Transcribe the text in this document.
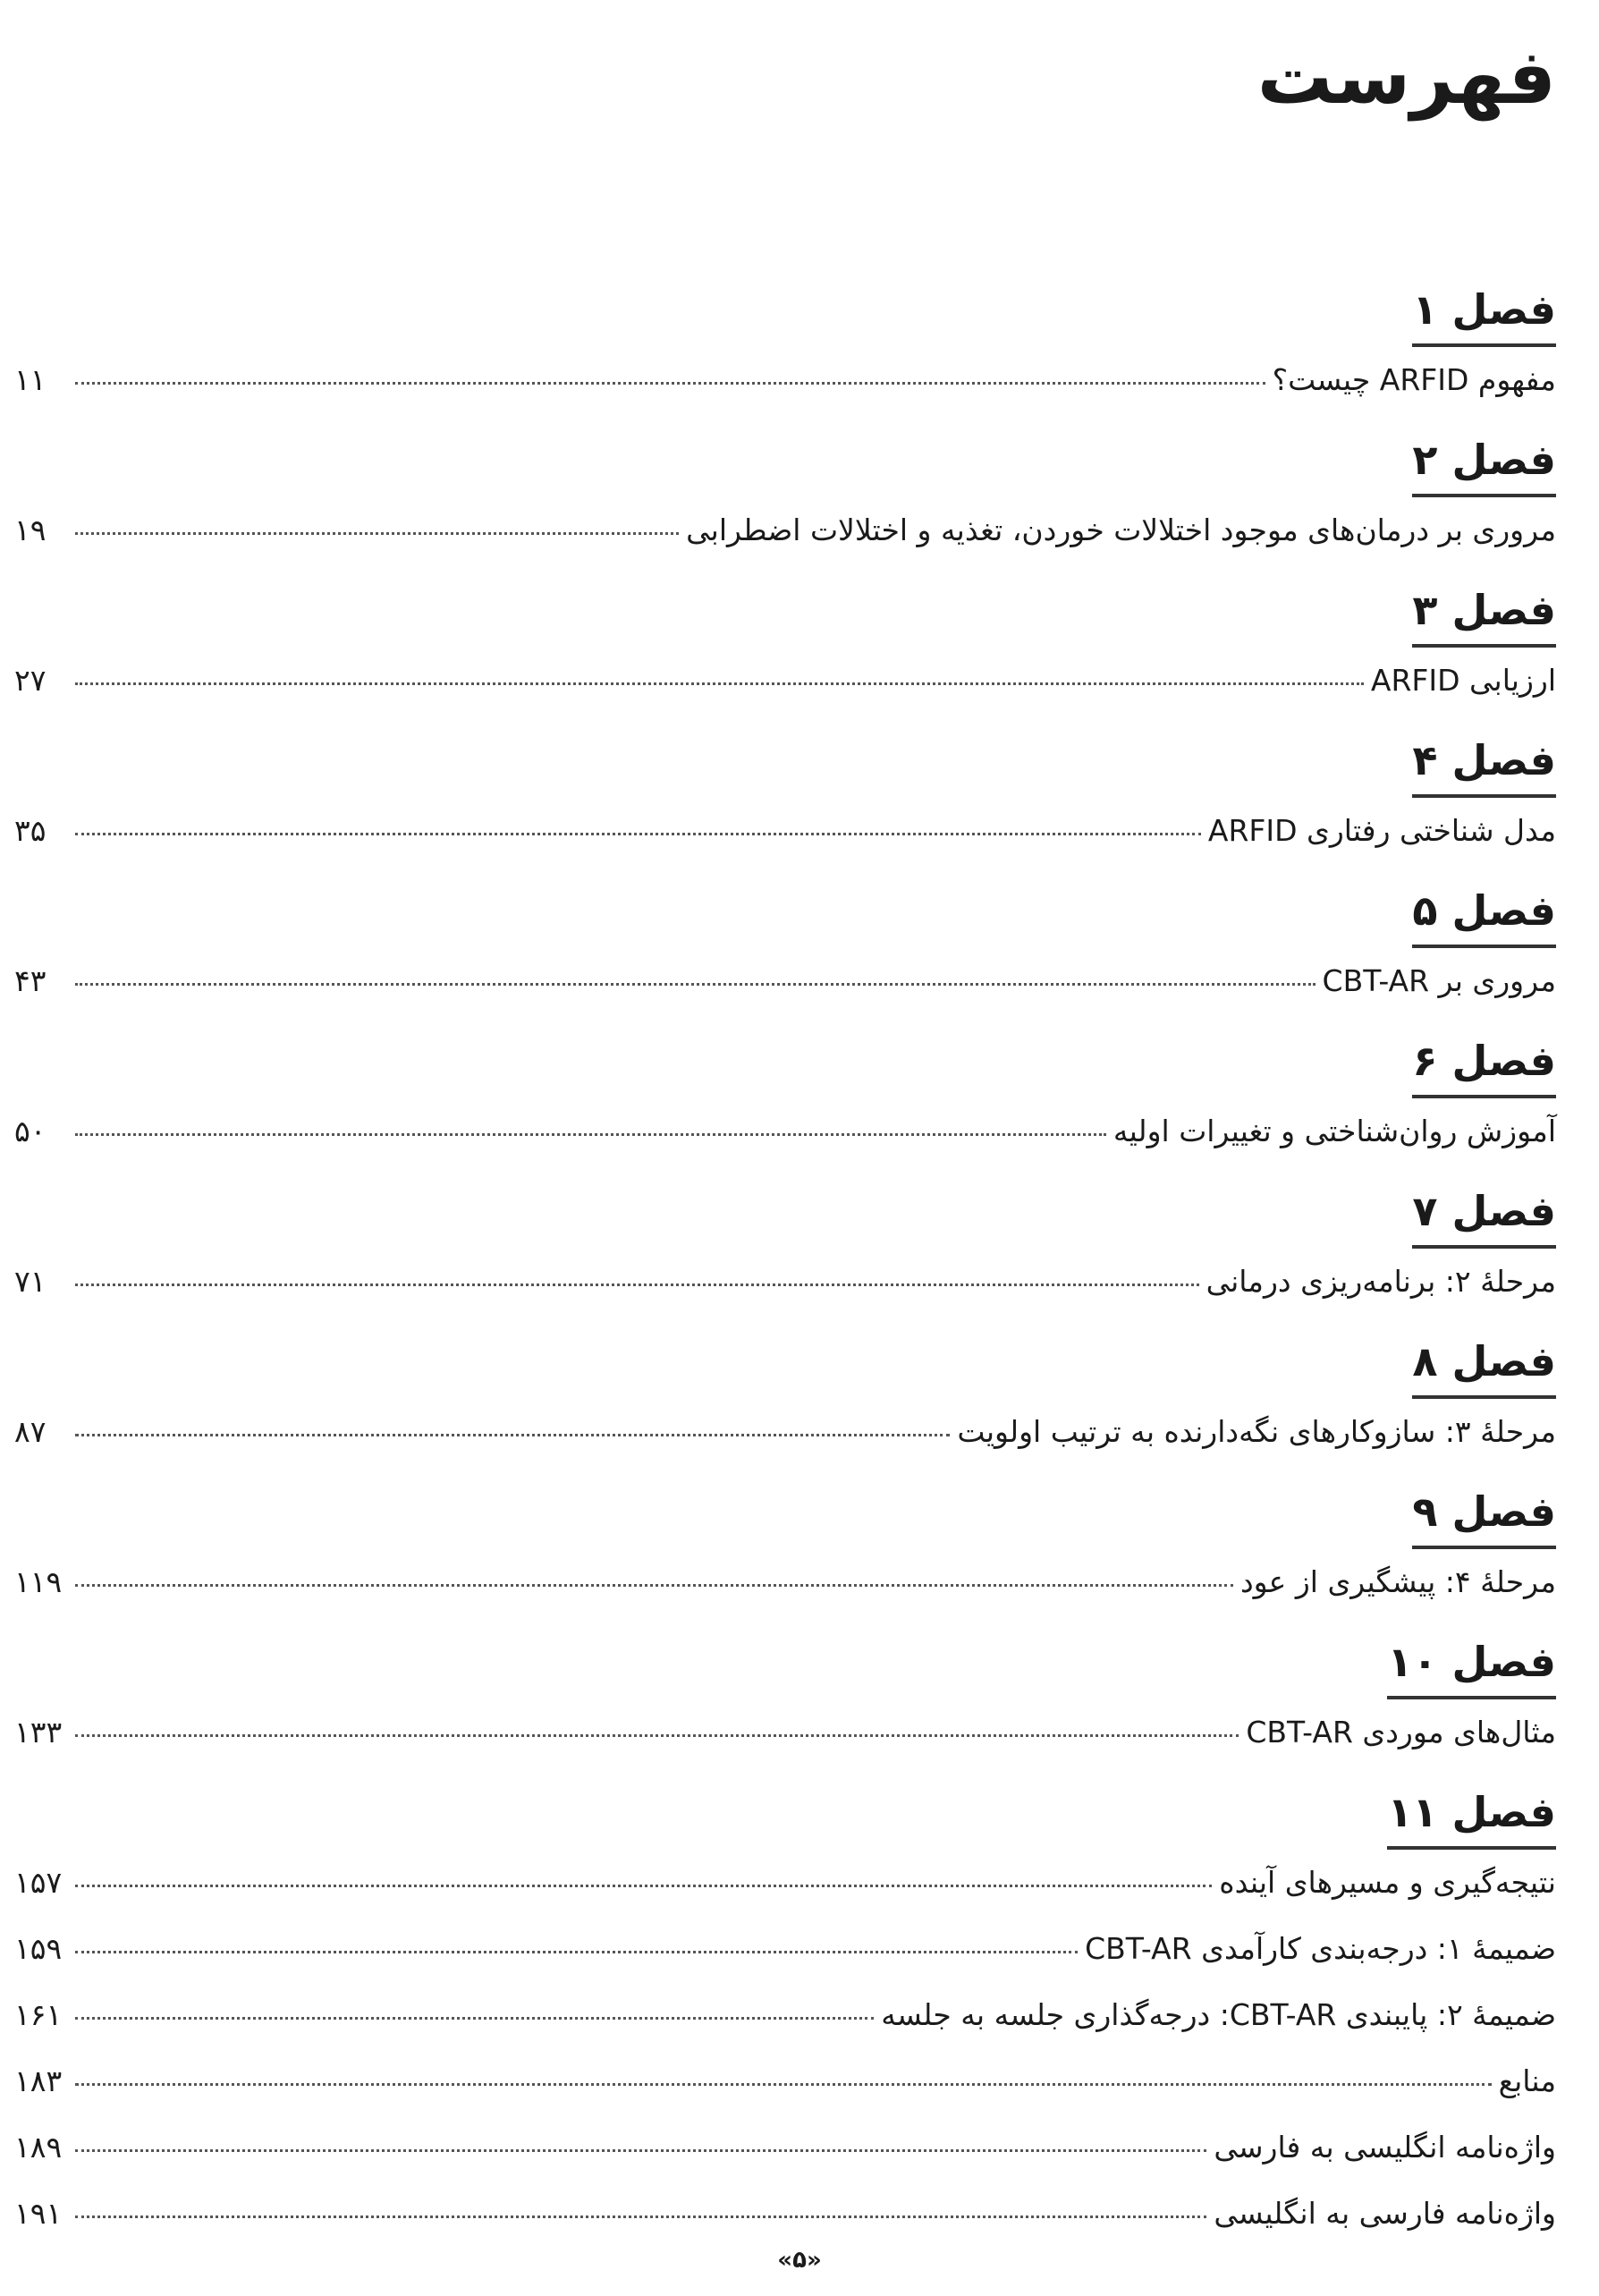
فهرست
فصل ۱
مفهوم ARFID چیست؟
۱۱
فصل ۲
مروری بر درمان‌های موجود اختلالات خوردن، تغذیه و اختلالات اضطرابی
۱۹
فصل ۳
ارزیابی ARFID
۲۷
فصل ۴
مدل شناختی رفتاری ARFID
۳۵
فصل ۵
مروری بر CBT-AR
۴۳
فصل ۶
آموزش روان‌شناختی و تغییرات اولیه
۵۰
فصل ۷
مرحلۀ ۲: برنامه‌ریزی درمانی
۷۱
فصل ۸
مرحلۀ ۳: سازوکارهای نگه‌دارنده به ترتیب اولویت
۸۷
فصل ۹
مرحلۀ ۴: پیشگیری از عود
۱۱۹
فصل ۱۰
مثال‌های موردی CBT-AR
۱۳۳
فصل ۱۱
نتیجه‌گیری و مسیرهای آینده
۱۵۷
ضمیمۀ ۱: درجه‌بندی کارآمدی CBT-AR
۱۵۹
ضمیمۀ ۲: پایبندی CBT-AR: درجه‌گذاری جلسه به جلسه
۱۶۱
منابع
۱۸۳
واژه‌نامه انگلیسی به فارسی
۱۸۹
واژه‌نامه فارسی به انگلیسی
۱۹۱
«۵»
